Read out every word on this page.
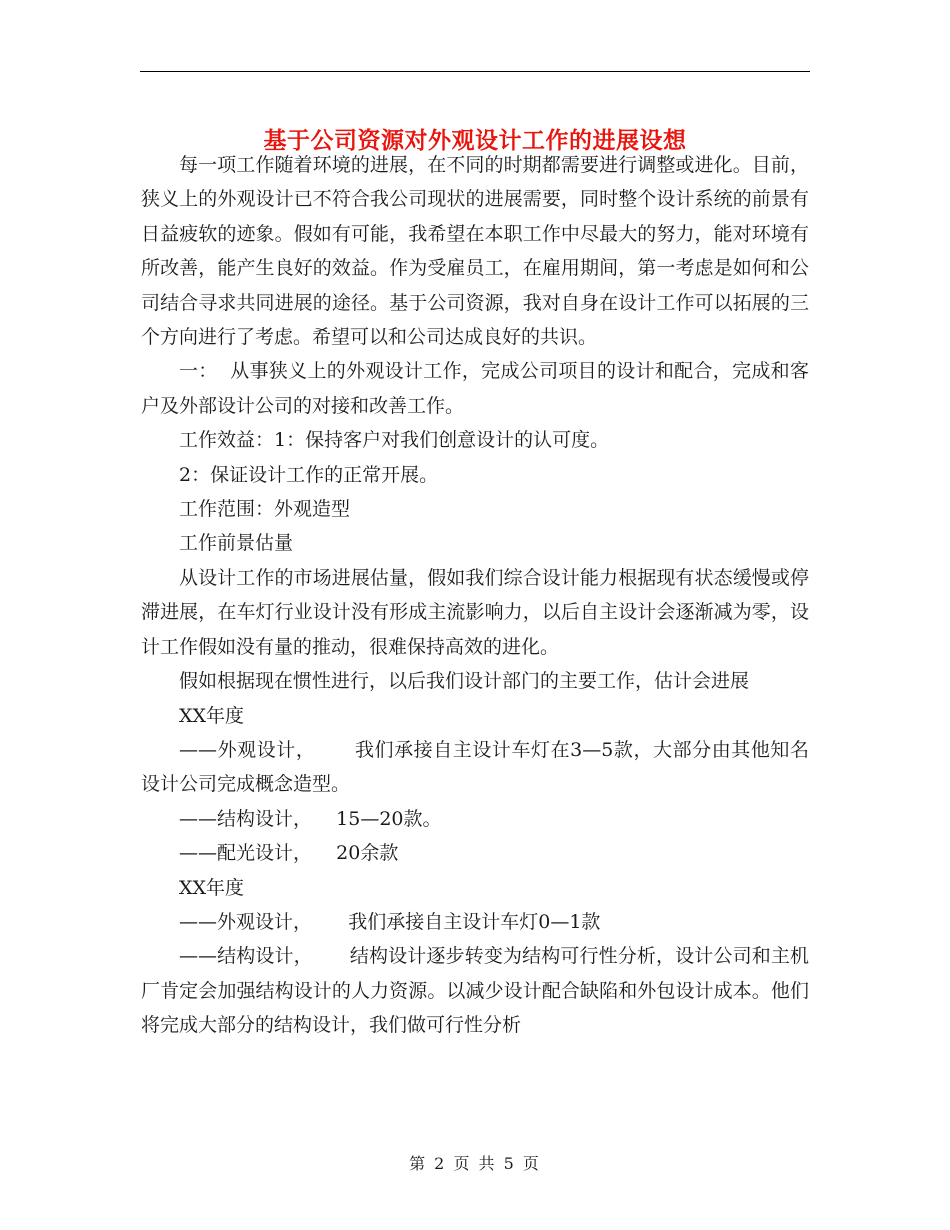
基于公司资源对外观设计工作的进展设想

每一项工作随着环境的进展，在不同的时期都需要进行调整或进化。目前，狭义上的外观设计已不符合我公司现状的进展需要，同时整个设计系统的前景有日益疲软的迹象。假如有可能，我希望在本职工作中尽最大的努力，能对环境有所改善，能产生良好的效益。作为受雇员工，在雇用期间，第一考虑是如何和公司结合寻求共同进展的途径。基于公司资源，我对自身在设计工作可以拓展的三个方向进行了考虑。希望可以和公司达成良好的共识。

一：  从事狭义上的外观设计工作，完成公司项目的设计和配合，完成和客户及外部设计公司的对接和改善工作。

工作效益：1：保持客户对我们创意设计的认可度。

2：保证设计工作的正常开展。

工作范围：外观造型

工作前景估量

从设计工作的市场进展估量，假如我们综合设计能力根据现有状态缓慢或停滞进展，在车灯行业设计没有形成主流影响力，以后自主设计会逐渐减为零，设计工作假如没有量的推动，很难保持高效的进化。

假如根据现在惯性进行，以后我们设计部门的主要工作，估计会进展

XX年度

——外观设计，      我们承接自主设计车灯在3—5款，大部分由其他知名设计公司完成概念造型。

——结构设计，    15—20款。

——配光设计，    20余款

XX年度

——外观设计，      我们承接自主设计车灯0—1款

——结构设计，      结构设计逐步转变为结构可行性分析，设计公司和主机厂肯定会加强结构设计的人力资源。以减少设计配合缺陷和外包设计成本。他们将完成大部分的结构设计，我们做可行性分析

第 2 页 共 5 页
